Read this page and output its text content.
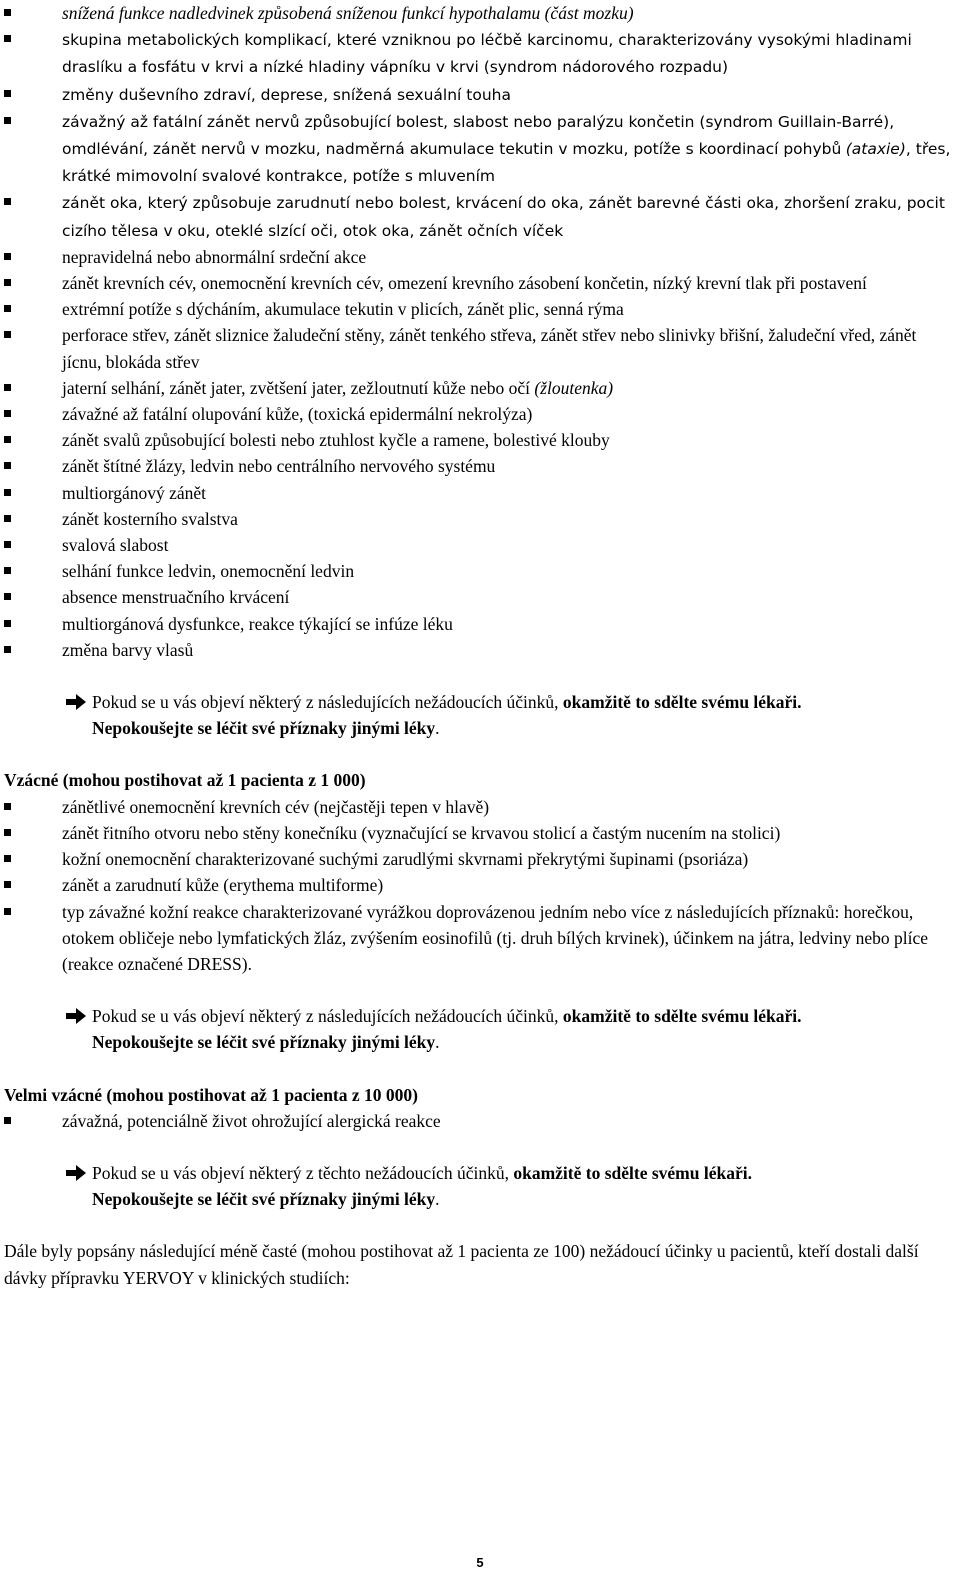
snížená funkce nadledvinek způsobená sníženou funkcí hypothalamu (část mozku)
skupina metabolických komplikací, které vzniknou po léčbě karcinomu, charakterizovány vysokými hladinami draslíku a fosfátu v krvi a nízké hladiny vápníku v krvi (syndrom nádorového rozpadu)
změny duševního zdraví, deprese, snížená sexuální touha
závažný až fatální zánět nervů způsobující bolest, slabost nebo paralýzu končetin (syndrom Guillain-Barré), omdlévání, zánět nervů v mozku, nadměrná akumulace tekutin v mozku, potíže s koordinací pohybů (ataxie), třes, krátké mimovolní svalové kontrakce, potíže s mluvením
zánět oka, který způsobuje zarudnutí nebo bolest, krvácení do oka, zánět barevné části oka, zhoršení zraku, pocit cizího tělesa v oku, oteklé slzící oči, otok oka, zánět očních víček
nepravidelná nebo abnormální srdeční akce
zánět krevních cév, onemocnění krevních cév, omezení krevního zásobení končetin, nízký krevní tlak při postavení
extrémní potíže s dýcháním, akumulace tekutin v plicích, zánět plic, senná rýma
perforace střev, zánět sliznice žaludeční stěny, zánět tenkého střeva, zánět střev nebo slinivky břišní, žaludeční vřed, zánět jícnu, blokáda střev
jaterní selhání, zánět jater, zvětšení jater, zežloutnutí kůže nebo očí (žloutenka)
závažné až fatální olupování kůže, (toxická epidermální nekrolýza)
zánět svalů způsobující bolesti nebo ztuhlost kyčle a ramene, bolestivé klouby
zánět štítné žlázy, ledvin nebo centrálního nervového systému
multiorgánový zánět
zánět kosterního svalstva
svalová slabost
selhání funkce ledvin, onemocnění ledvin
absence menstruačního krvácení
multiorgánová dysfunkce, reakce týkající se infúze léku
změna barvy vlasů
Pokud se u vás objeví některý z následujících nežádoucích účinků, okamžitě to sdělte svému lékaři.
Nepokoušejte se léčit své příznaky jinými léky.
Vzácné (mohou postihovat až 1 pacienta z 1 000)
zánětlivé onemocnění krevních cév (nejčastěji tepen v hlavě)
zánět řitního otvoru nebo stěny konečníku (vyznačující se krvavou stolicí a častým nucením na stolici)
kožní onemocnění charakterizované suchými zarudlými skvrnami překrytými šupinami (psoriáza)
zánět a zarudnutí kůže (erythema multiforme)
typ závažné kožní reakce charakterizované vyrážkou doprovázenou jedním nebo více z následujících příznaků: horečkou, otokem obličeje nebo lymfatických žláz, zvýšením eosinofilů (tj. druh bílých krvinek), účinkem na játra, ledviny nebo plíce (reakce označené DRESS).
Pokud se u vás objeví některý z následujících nežádoucích účinků, okamžitě to sdělte svému lékaři.
Nepokoušejte se léčit své příznaky jinými léky.
Velmi vzácné (mohou postihovat až 1 pacienta z 10 000)
závažná, potenciálně život ohrožující alergická reakce
Pokud se u vás objeví některý z těchto nežádoucích účinků, okamžitě to sdělte svému lékaři.
Nepokoušejte se léčit své příznaky jinými léky.
Dále byly popsány následující méně časté (mohou postihovat až 1 pacienta ze 100) nežádoucí účinky u pacientů, kteří dostali další dávky přípravku YERVOY v klinických studiích:
5
